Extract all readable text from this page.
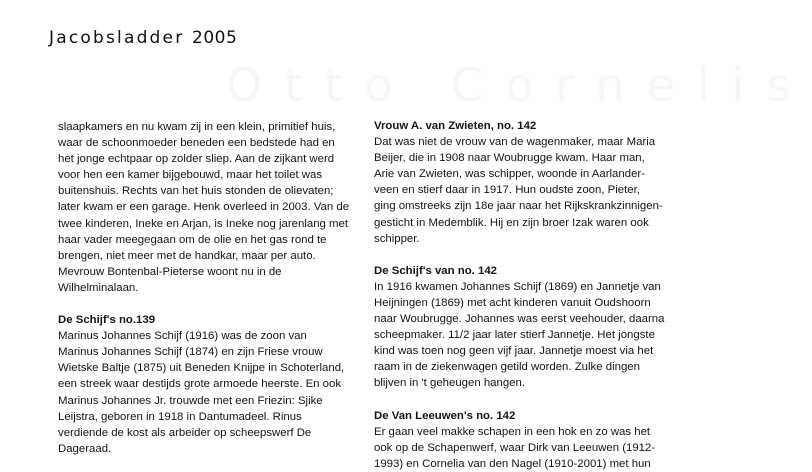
Jacobsladder 2005
Otto Cornelis

slaapkamers en nu kwam zij in een klein, primitief huis,

waar de schoonmoeder beneden een bedstede had en

het jonge echtpaar op zolder sliep. Aan de zijkant werd

voor hen een kamer bijgebouwd, maar het toilet was

buitenshuis. Rechts van het huis stonden de olievaten;

later kwam er een garage. Henk overleed in 2003. Van de

twee kinderen, Ineke en Arjan, is Ineke nog jarenlang met

haar vader meegegaan om de olie en het gas rond te

brengen, niet meer met de handkar, maar per auto.

Mevrouw Bontenbal-Pieterse woont nu in de

Wilhelminalaan.

De Schijf's no.139

Marinus Johannes Schijf (1916) was de zoon van

Marinus Johannes Schijf (1874) en zijn Friese vrouw

Wietske Baltje (1875) uit Beneden Knijpe in Schoterland,

een streek waar destijds grote armoede heerste. En ook

Marinus Johannes Jr. trouwde met een Friezin: Sjike

Leijstra, geboren in 1918 in Dantumadeel. Rinus

verdiende de kost als arbeider op scheepswerf De

Dageraad.

Vrouw A. van Zwieten, no. 142

Dat was niet de vrouw van de wagenmaker, maar Maria

Beijer, die in 1908 naar Woubrugge kwam. Haar man,

Arie van Zwieten, was schipper, woonde in Aarlander-

veen en stierf daar in 1917. Hun oudste zoon, Pieter,

ging omstreeks zijn 18e jaar naar het Rijkskrankzinnigen-

gesticht in Medemblik. Hij en zijn broer Izak waren ook

schipper.

De Schijf's van no. 142

In 1916 kwamen Johannes Schijf (1869) en Jannetje van

Heijningen (1869) met acht kinderen vanuit Oudshoorn

naar Woubrugge. Johannes was eerst veehouder, daarna

scheepmaker. 11/2 jaar later stierf Jannetje. Het jongste

kind was toen nog geen vijf jaar. Jannetje moest via het

raam in de ziekenwagen getild worden. Zulke dingen

blijven in 't geheugen hangen.

De Van Leeuwen's no. 142

Er gaan veel makke schapen in een hok en zo was het

ook op de Schapenwerf, waar Dirk van Leeuwen (1912-

1993) en Cornelia van den Nagel (1910-2001) met hun
